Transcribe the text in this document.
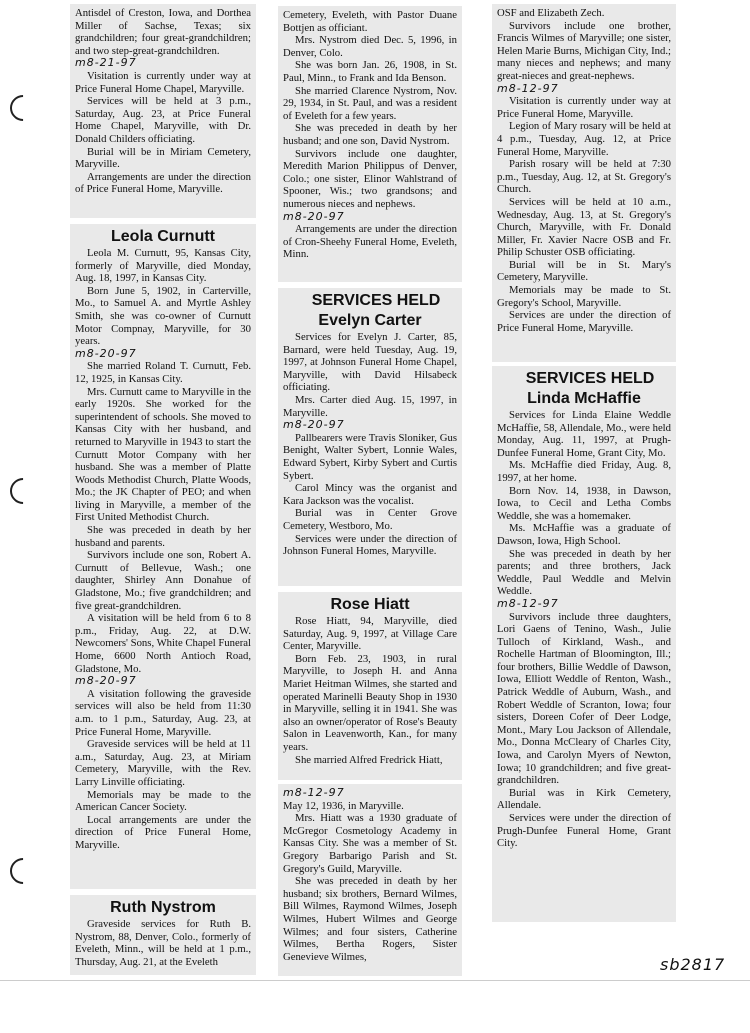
Antisdel of Creston, Iowa, and Dorthea Miller of Sachse, Texas; six grandchildren; four great-grandchildren; and two step-great-grandchildren.

m8-21-97

Visitation is currently under way at Price Funeral Home Chapel, Maryville.

Services will be held at 3 p.m., Saturday, Aug. 23, at Price Funeral Home Chapel, Maryville, with Dr. Donald Childers officiating.

Burial will be in Miriam Cemetery, Maryville.

Arrangements are under the direction of Price Funeral Home, Maryville.

Leola Curnutt

Leola M. Curnutt, 95, Kansas City, formerly of Maryville, died Monday, Aug. 18, 1997, in Kansas City.

Born June 5, 1902, in Carterville, Mo., to Samuel A. and Myrtle Ashley Smith, she was co-owner of Curnutt Motor Compnay, Maryville, for 30 years.

m8-20-97

She married Roland T. Curnutt, Feb. 12, 1925, in Kansas City.

Mrs. Curnutt came to Maryville in the early 1920s. She worked for the superintendent of schools. She moved to Kansas City with her husband, and returned to Maryville in 1943 to start the Curnutt Motor Company with her husband. She was a member of Platte Woods Methodist Church, Platte Woods, Mo.; the JK Chapter of PEO; and when living in Maryville, a member of the First United Methodist Church.

She was preceded in death by her husband and parents.

Survivors include one son, Robert A. Curnutt of Bellevue, Wash.; one daughter, Shirley Ann Donahue of Gladstone, Mo.; five grandchildren; and five great-grandchildren.

A visitation will be held from 6 to 8 p.m., Friday, Aug. 22, at D.W. Newcomers' Sons, White Chapel Funeral Home, 6600 North Antioch Road, Gladstone, Mo.

m8-20-97

A visitation following the graveside services will also be held from 11:30 a.m. to 1 p.m., Saturday, Aug. 23, at Price Funeral Home, Maryville.

Graveside services will be held at 11 a.m., Saturday, Aug. 23, at Miriam Cemetery, Maryville, with the Rev. Larry Linville officiating.

Memorials may be made to the American Cancer Society.

Local arrangements are under the direction of Price Funeral Home, Maryville.

Ruth Nystrom

Graveside services for Ruth B. Nystrom, 88, Denver, Colo., formerly of Eveleth, Minn., will be held at 1 p.m., Thursday, Aug. 21, at the Eveleth

Cemetery, Eveleth, with Pastor Duane Bottjen as officiant.

Mrs. Nystrom died Dec. 5, 1996, in Denver, Colo.

She was born Jan. 26, 1908, in St. Paul, Minn., to Frank and Ida Benson.

She married Clarence Nystrom, Nov. 29, 1934, in St. Paul, and was a resident of Eveleth for a few years.

She was preceded in death by her husband; and one son, David Nystrom.

Survivors include one daughter, Meredith Marion Philippus of Denver, Colo.; one sister, Elinor Wahlstrand of Spooner, Wis.; two grandsons; and numerous nieces and nephews.

m8-20-97

Arrangements are under the direction of Cron-Sheehy Funeral Home, Eveleth, Minn.

SERVICES HELD

Evelyn Carter

Services for Evelyn J. Carter, 85, Barnard, were held Tuesday, Aug. 19, 1997, at Johnson Funeral Home Chapel, Maryville, with David Hilsabeck officiating.

Mrs. Carter died Aug. 15, 1997, in Maryville.

m8-20-97

Pallbearers were Travis Sloniker, Gus Benight, Walter Sybert, Lonnie Wales, Edward Sybert, Kirby Sybert and Curtis Sybert.

Carol Mincy was the organist and Kara Jackson was the vocalist.

Burial was in Center Grove Cemetery, Westboro, Mo.

Services were under the direction of Johnson Funeral Homes, Maryville.

Rose Hiatt

Rose Hiatt, 94, Maryville, died Saturday, Aug. 9, 1997, at Village Care Center, Maryville.

Born Feb. 23, 1903, in rural Maryville, to Joseph H. and Anna Mariet Heitman Wilmes, she started and operated Marinelli Beauty Shop in 1930 in Maryville, selling it in 1941. She was also an owner/operator of Rose's Beauty Salon in Leavenworth, Kan., for many years.

She married Alfred Fredrick Hiatt,

m8-12-97

May 12, 1936, in Maryville.

Mrs. Hiatt was a 1930 graduate of McGregor Cosmetology Academy in Kansas City. She was a member of St. Gregory Barbarigo Parish and St. Gregory's Guild, Maryville.

She was preceded in death by her husband; six brothers, Bernard Wilmes, Bill Wilmes, Raymond Wilmes, Joseph Wilmes, Hubert Wilmes and George Wilmes; and four sisters, Catherine Wilmes, Bertha Rogers, Sister Genevieve Wilmes,

OSF and Elizabeth Zech.

Survivors include one brother, Francis Wilmes of Maryville; one sister, Helen Marie Burns, Michigan City, Ind.; many nieces and nephews; and many great-nieces and great-nephews.

m8-12-97

Visitation is currently under way at Price Funeral Home, Maryville.

Legion of Mary rosary will be held at 4 p.m., Tuesday, Aug. 12, at Price Funeral Home, Maryville.

Parish rosary will be held at 7:30 p.m., Tuesday, Aug. 12, at St. Gregory's Church.

Services will be held at 10 a.m., Wednesday, Aug. 13, at St. Gregory's Church, Maryville, with Fr. Donald Miller, Fr. Xavier Nacre OSB and Fr. Philip Schuster OSB officiating.

Burial will be in St. Mary's Cemetery, Maryville.

Memorials may be made to St. Gregory's School, Maryville.

Services are under the direction of Price Funeral Home, Maryville.

SERVICES HELD

Linda McHaffie

Services for Linda Elaine Weddle McHaffie, 58, Allendale, Mo., were held Monday, Aug. 11, 1997, at Prugh-Dunfee Funeral Home, Grant City, Mo.

Ms. McHaffie died Friday, Aug. 8, 1997, at her home.

Born Nov. 14, 1938, in Dawson, Iowa, to Cecil and Letha Combs Weddle, she was a homemaker.

Ms. McHaffie was a graduate of Dawson, Iowa, High School.

She was preceded in death by her parents; and three brothers, Jack Weddle, Paul Weddle and Melvin Weddle.

m8-12-97

Survivors include three daughters, Lori Gaens of Tenino, Wash., Julie Tulloch of Kirkland, Wash., and Rochelle Hartman of Bloomington, Ill.; four brothers, Billie Weddle of Dawson, Iowa, Elliott Weddle of Renton, Wash., Patrick Weddle of Auburn, Wash., and Robert Weddle of Scranton, Iowa; four sisters, Doreen Cofer of Deer Lodge, Mont., Mary Lou Jackson of Allendale, Mo., Donna McCleary of Charles City, Iowa, and Carolyn Myers of Newton, Iowa; 10 grandchildren; and five great-grandchildren.

Burial was in Kirk Cemetery, Allendale.

Services were under the direction of Prugh-Dunfee Funeral Home, Grant City.

sb2817
